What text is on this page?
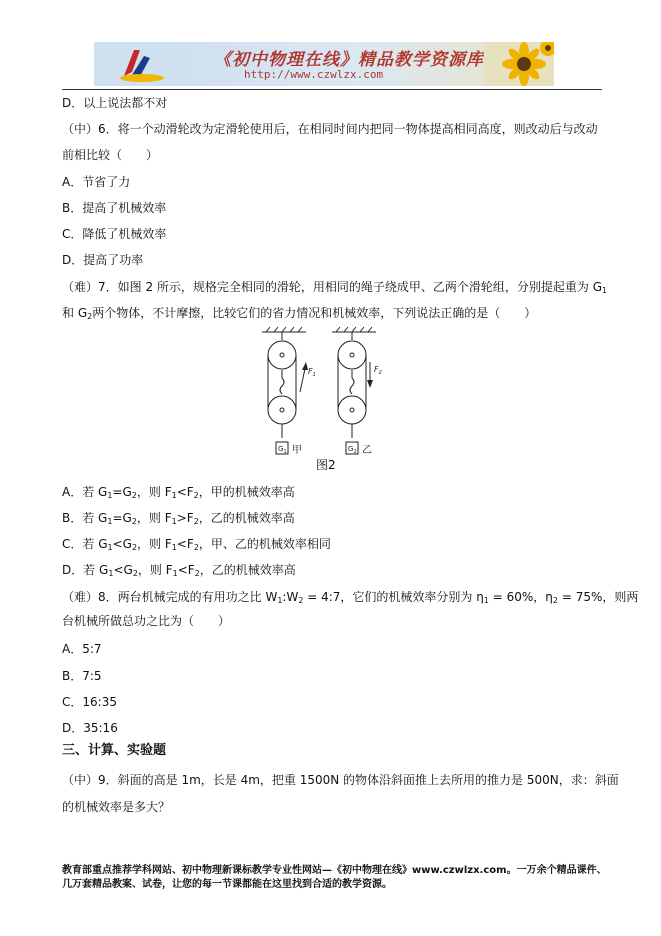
《初中物理在线》精品教学资源库
http://www.czwlzx.com
D．以上说法都不对
（中）6．将一个动滑轮改为定滑轮使用后，在相同时间内把同一物体提高相同高度，则改动后与改动
前相比较（　　）
A．节省了力
B．提高了机械效率
C．降低了机械效率
D．提高了功率
（难）7．如图 2 所示，规格完全相同的滑轮，用相同的绳子绕成甲、乙两个滑轮组，分别提起重为 $G_1$
和 $G_2$两个物体，不计摩擦，比较它们的省力情况和机械效率，下列说法正确的是（　　）
$F_1$
$F_2$
$G_1$	$G_2$
甲	乙
图2
A．若 $G_1=G_2$，则 $F_1<F_2$，甲的机械效率高
B．若 $G_1=G_2$，则 $F_1>F_2$，乙的机械效率高
C．若 $G_1<G_2$，则 $F_1<F_2$，甲、乙的机械效率相同
D．若 $G_1<G_2$，则 $F_1<F_2$，乙的机械效率高
（难）8．两台机械完成的有用功之比 $W_1:W_2$ = 4:7，它们的机械效率分别为 $\eta_1 = 60\%$，$\eta_2 = 75\%$，则两
台机械所做总功之比为（　　）
A．5:7
B．7:5
C．16:35
D．35:16
三、计算、实验题
（中）9．斜面的高是 1m，长是 4m，把重 1500N 的物体沿斜面推上去所用的推力是 500N，求：斜面
的机械效率是多大？
教育部重点推荐学科网站、初中物理新课标教学专业性网站—《初中物理在线》www.czwlzx.com。一万余个精品课件、
几万套精品教案、试卷，让您的每一节课都能在这里找到合适的教学资源。
